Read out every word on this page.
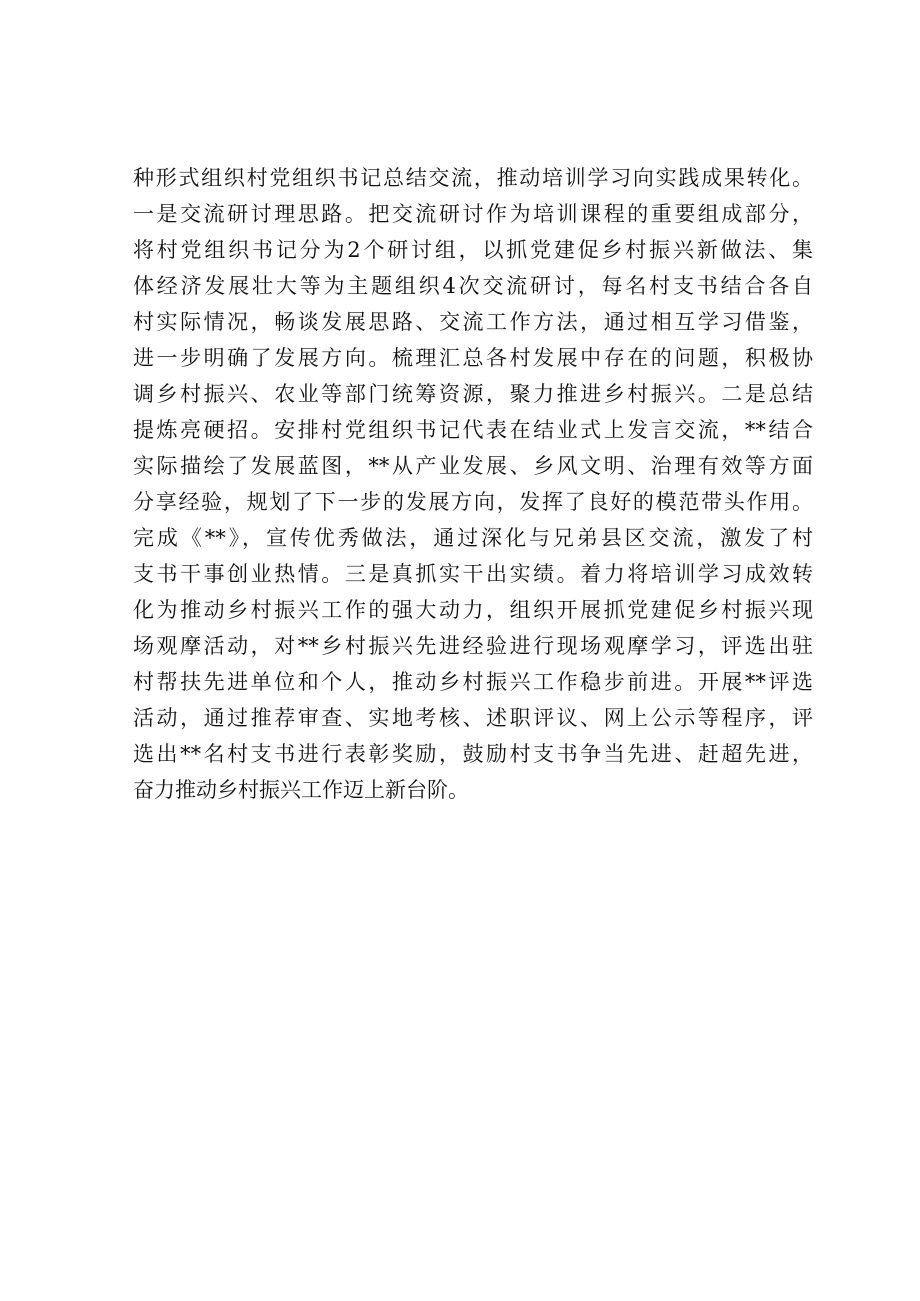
种形式组织村党组织书记总结交流，推动培训学习向实践成果转化。
一是交流研讨理思路。把交流研讨作为培训课程的重要组成部分，
将村党组织书记分为2个研讨组，以抓党建促乡村振兴新做法、集
体经济发展壮大等为主题组织4次交流研讨，每名村支书结合各自
村实际情况，畅谈发展思路、交流工作方法，通过相互学习借鉴，
进一步明确了发展方向。梳理汇总各村发展中存在的问题，积极协
调乡村振兴、农业等部门统筹资源，聚力推进乡村振兴。二是总结
提炼亮硬招。安排村党组织书记代表在结业式上发言交流，**结合
实际描绘了发展蓝图，**从产业发展、乡风文明、治理有效等方面
分享经验，规划了下一步的发展方向，发挥了良好的模范带头作用。
完成《**》，宣传优秀做法，通过深化与兄弟县区交流，激发了村
支书干事创业热情。三是真抓实干出实绩。着力将培训学习成效转
化为推动乡村振兴工作的强大动力，组织开展抓党建促乡村振兴现
场观摩活动，对**乡村振兴先进经验进行现场观摩学习，评选出驻
村帮扶先进单位和个人，推动乡村振兴工作稳步前进。开展**评选
活动，通过推荐审查、实地考核、述职评议、网上公示等程序，评
选出**名村支书进行表彰奖励，鼓励村支书争当先进、赶超先进，
奋力推动乡村振兴工作迈上新台阶。
